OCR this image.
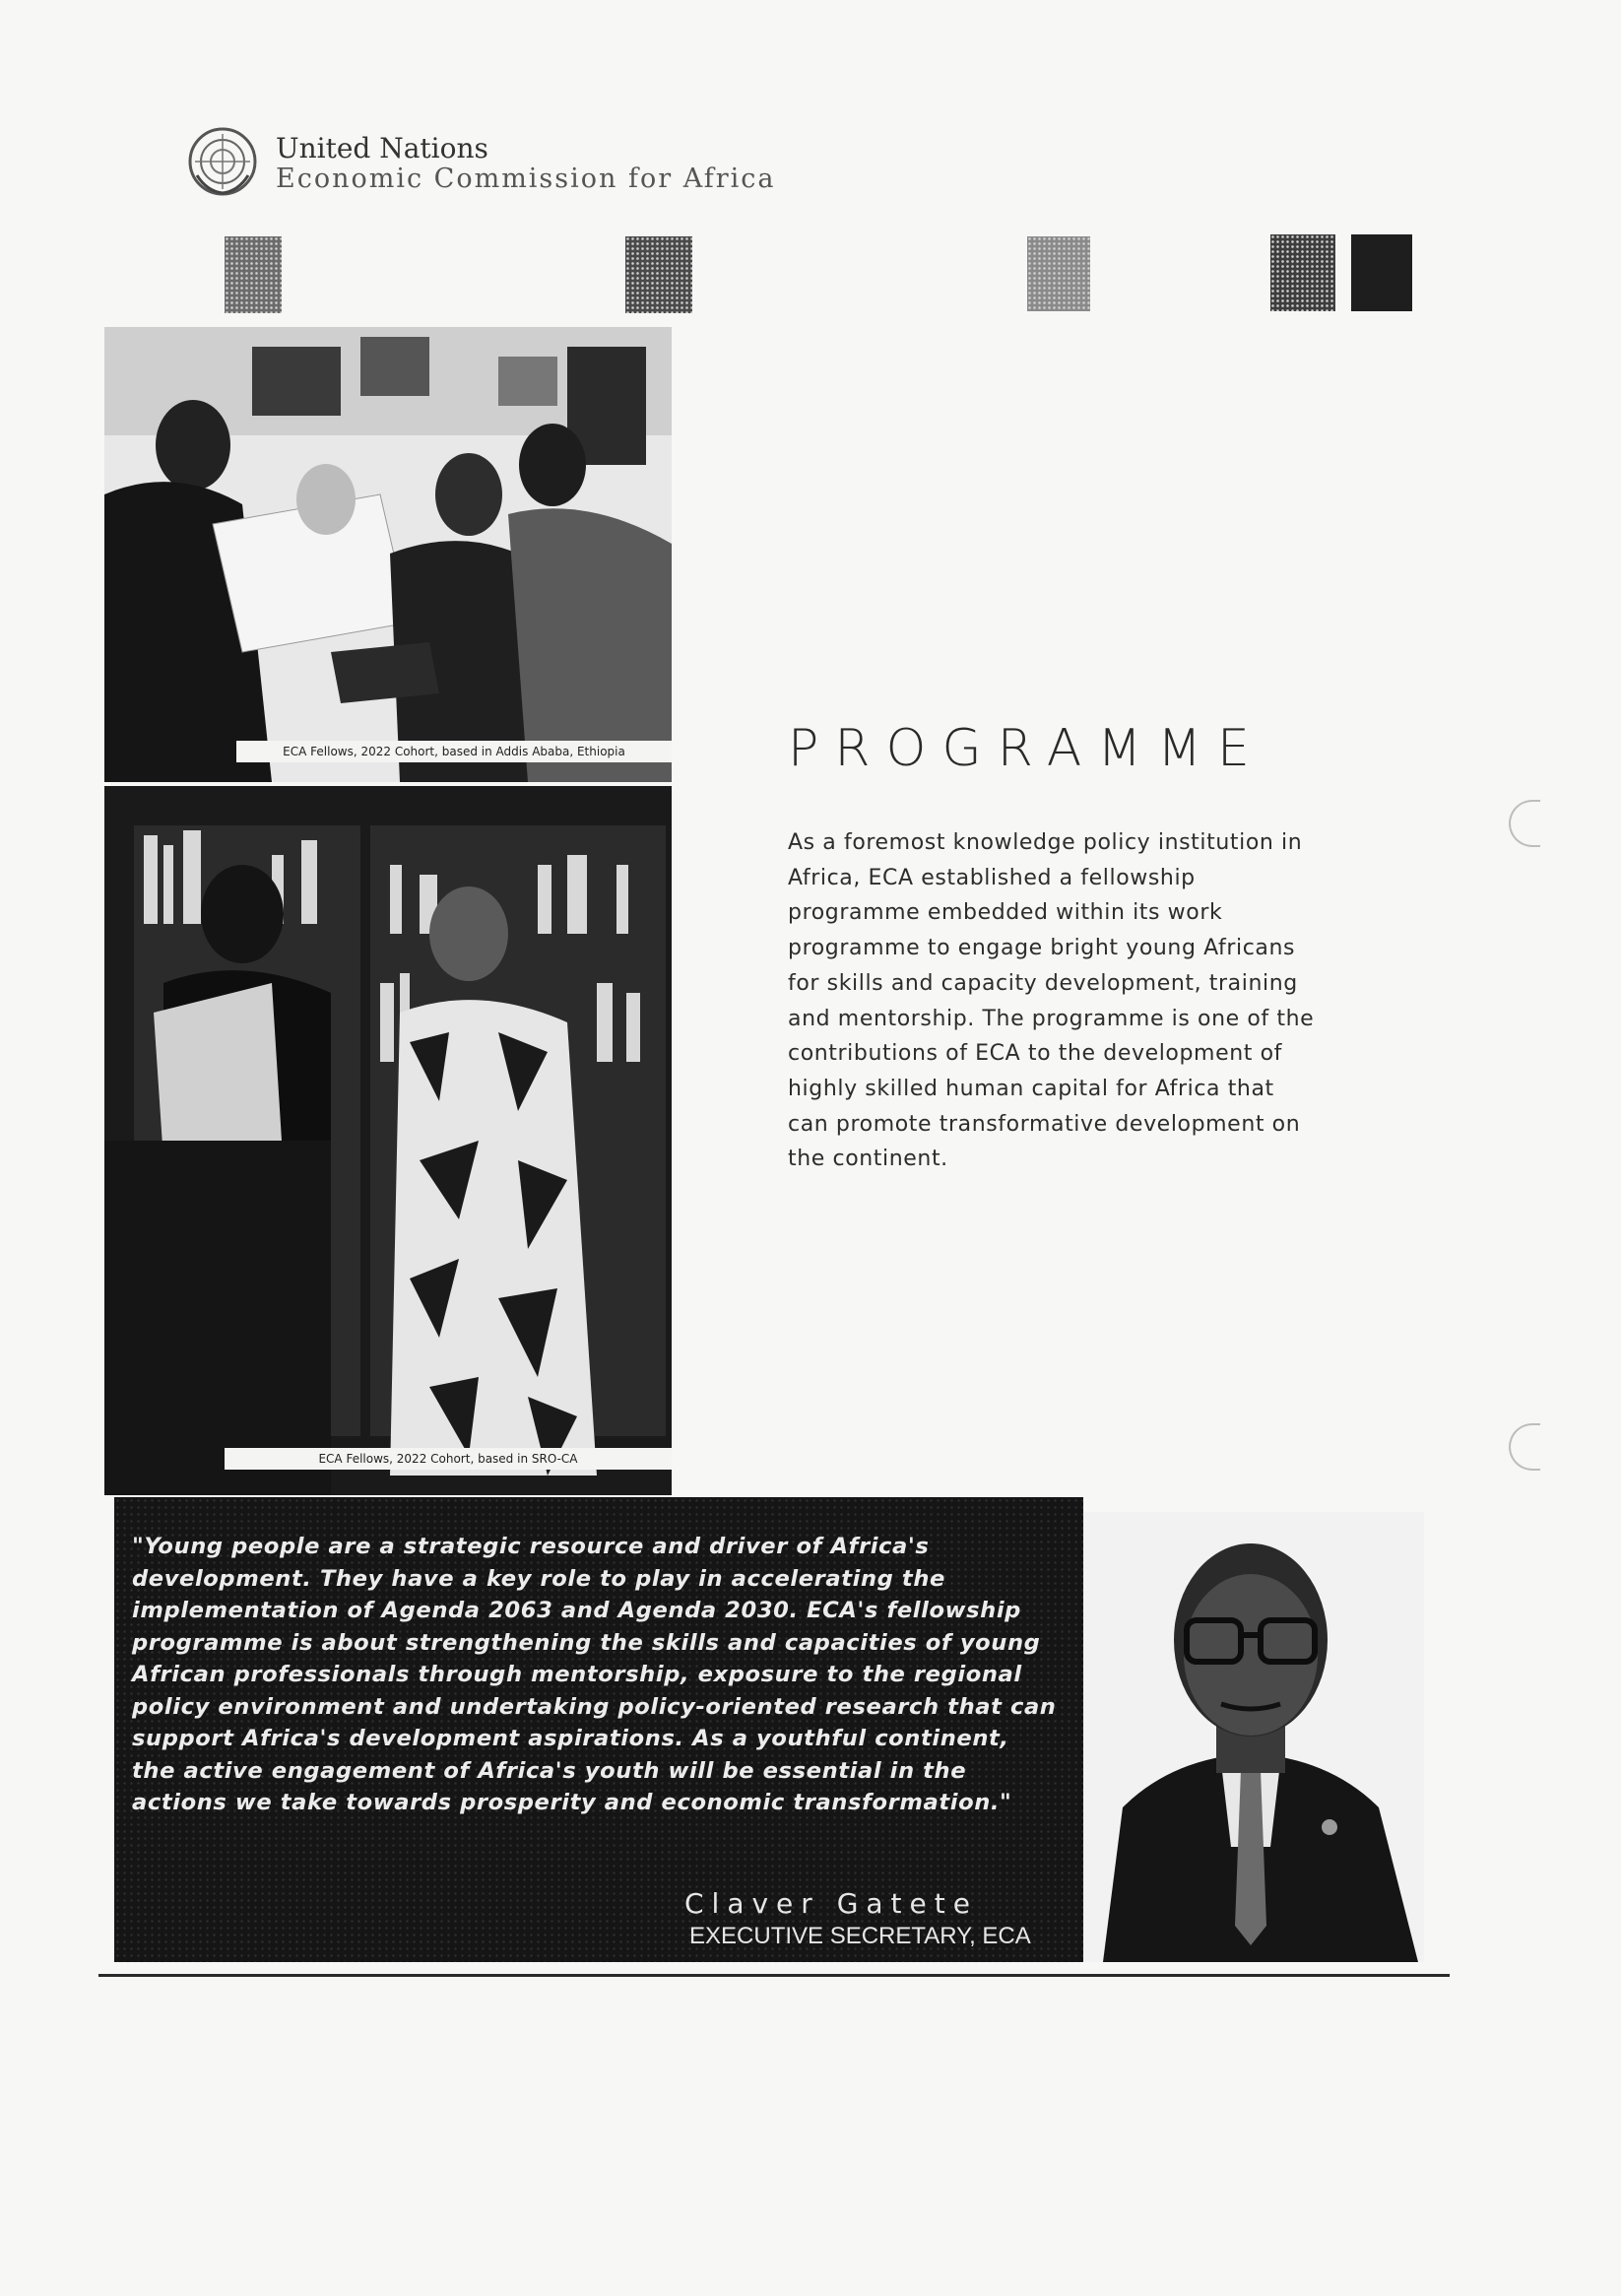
United Nations
Economic Commission for Africa
ECA Fellows, 2022 Cohort, based in Addis Ababa, Ethiopia
ECA Fellows, 2022 Cohort, based in SRO-CA
PROGRAMME
As a foremost knowledge policy institution in Africa, ECA established a fellowship programme embedded within its work programme to engage bright young Africans for skills and capacity development, training and mentorship. The programme is one of the contributions of ECA to the development of highly skilled human capital for Africa that can promote transformative development on the continent.
"Young people are a strategic resource and driver of Africa's development. They have a key role to play in accelerating the implementation of Agenda 2063 and Agenda 2030. ECA's fellowship programme is about strengthening the skills and capacities of young African professionals through mentorship, exposure to the regional policy environment and undertaking policy-oriented research that can support Africa's development aspirations. As a youthful continent, the active engagement of Africa's youth will be essential in the actions we take towards prosperity and economic transformation."
Claver Gatete
EXECUTIVE SECRETARY, ECA
